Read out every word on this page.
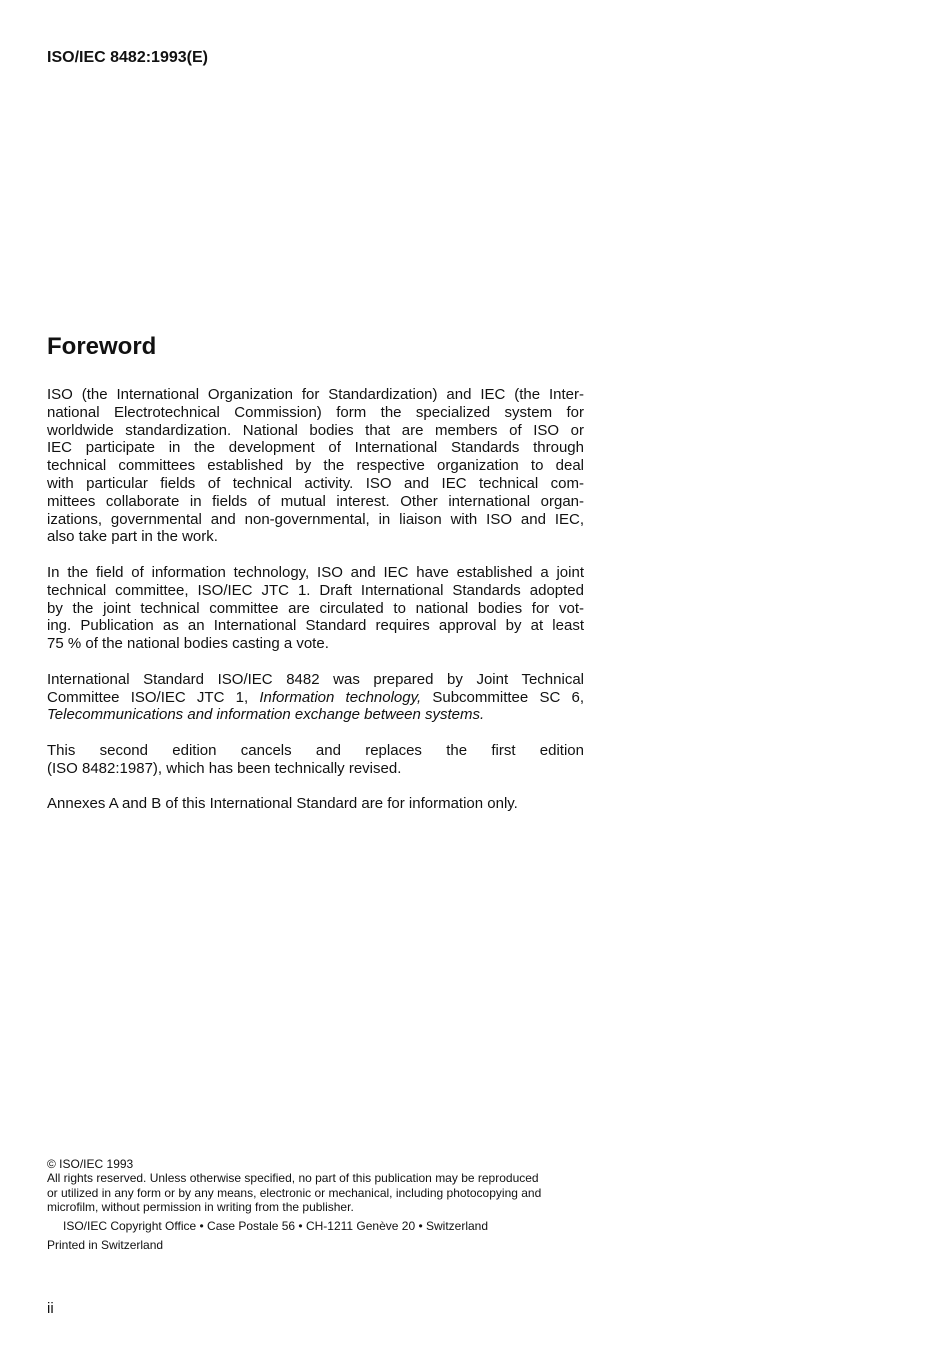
ISO/IEC 8482:1993(E)
Foreword
ISO (the International Organization for Standardization) and IEC (the Inter-
national Electrotechnical Commission) form the specialized system for
worldwide standardization. National bodies that are members of ISO or
IEC participate in the development of International Standards through
technical committees established by the respective organization to deal
with particular fields of technical activity. ISO and IEC technical com-
mittees collaborate in fields of mutual interest. Other international organ-
izations, governmental and non-governmental, in liaison with ISO and IEC,
also take part in the work.
In the field of information technology, ISO and IEC have established a joint
technical committee, ISO/IEC JTC 1. Draft International Standards adopted
by the joint technical committee are circulated to national bodies for vot-
ing. Publication as an International Standard requires approval by at least
75 % of the national bodies casting a vote.
International Standard ISO/IEC 8482 was prepared by Joint Technical
Committee ISO/IEC JTC 1, Information technology, Subcommittee SC 6,
Telecommunications and information exchange between systems.
This second edition cancels and replaces the first edition
(ISO 8482:1987), which has been technically revised.
Annexes A and B of this International Standard are for information only.
© ISO/IEC 1993
All rights reserved. Unless otherwise specified, no part of this publication may be reproduced
or utilized in any form or by any means, electronic or mechanical, including photocopying and
microfilm, without permission in writing from the publisher.
ISO/IEC Copyright Office • Case Postale 56 • CH-1211 Genève 20 • Switzerland
Printed in Switzerland
ii
